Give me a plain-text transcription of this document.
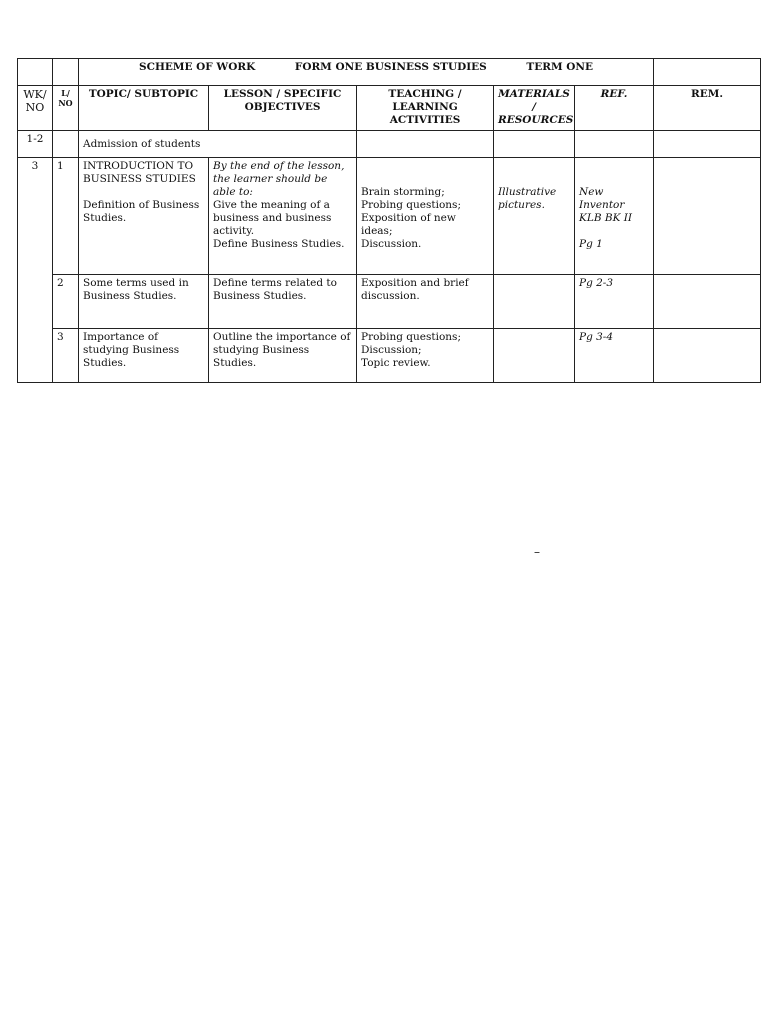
		SCHEME OF WORK FORM ONE BUSINESS STUDIES TERM ONE					
WK/ NO	L/ NO	TOPIC/ SUBTOPIC	LESSON / SPECIFIC OBJECTIVES	TEACHING / LEARNING ACTIVITIES	MATERIALS / RESOURCES	REF.	REM.
1-2		Admission of students					
3	1	INTRODUCTION TO BUSINESS STUDIES
Definition of Business Studies.	By the end of the lesson, the learner should be able to:
Give the meaning of a business and business activity.
Define Business Studies.	Brain storming;
Probing questions;
Exposition of new ideas;
Discussion.	Illustrative pictures.	New Inventor KLB BK II
Pg 1	

	2	Some terms used in Business Studies.	Define terms related to Business Studies.	Exposition and brief discussion.		Pg 2-3	
	3	Importance of studying Business Studies.	Outline the importance of studying Business Studies.	Probing questions;
Discussion;
Topic review.		Pg 3-4	
–
